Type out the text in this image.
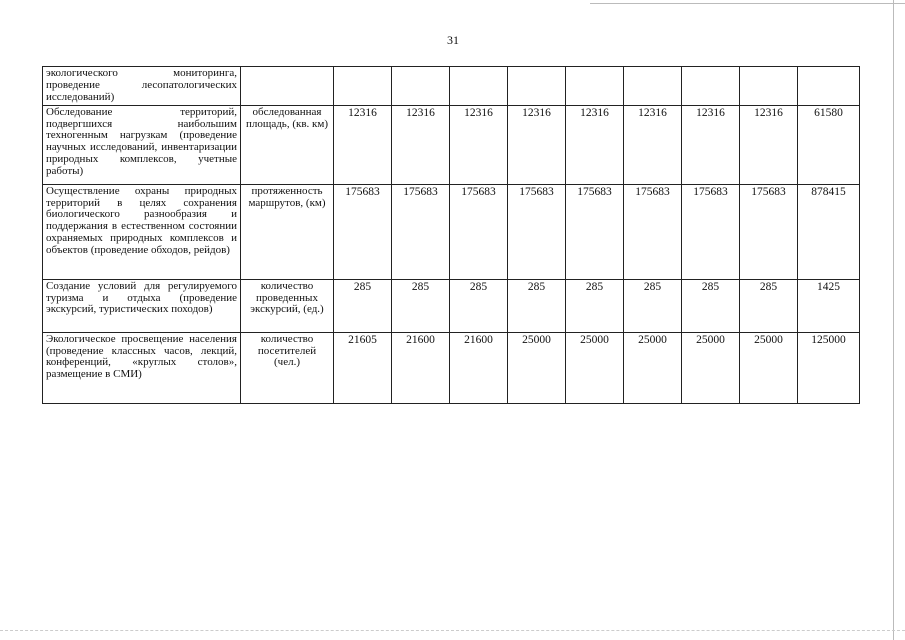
31
экологического мониторинга, проведение лесопатологических исследований)										
Обследование территорий, подвергшихся наибольшим техногенным нагрузкам (проведение научных исследований, инвентаризации природных комплексов, учетные работы)	обследованная площадь, (кв. км)	12316	12316	12316	12316	12316	12316	12316	12316	61580
Осуществление охраны природных территорий в целях сохранения биологического разнообразия и поддержания в естественном состоянии охраняемых природных комплексов и объектов (проведение обходов, рейдов)	протяженность маршрутов, (км)	175683	175683	175683	175683	175683	175683	175683	175683	878415
Создание условий для регулируемого туризма и отдыха (проведение экскурсий, туристических походов)	количество проведенных экскурсий, (ед.)	285	285	285	285	285	285	285	285	1425
Экологическое просвещение населения (проведение классных часов, лекций, конференций, «круглых столов», размещение в СМИ)	количество посетителей (чел.)	21605	21600	21600	25000	25000	25000	25000	25000	125000
